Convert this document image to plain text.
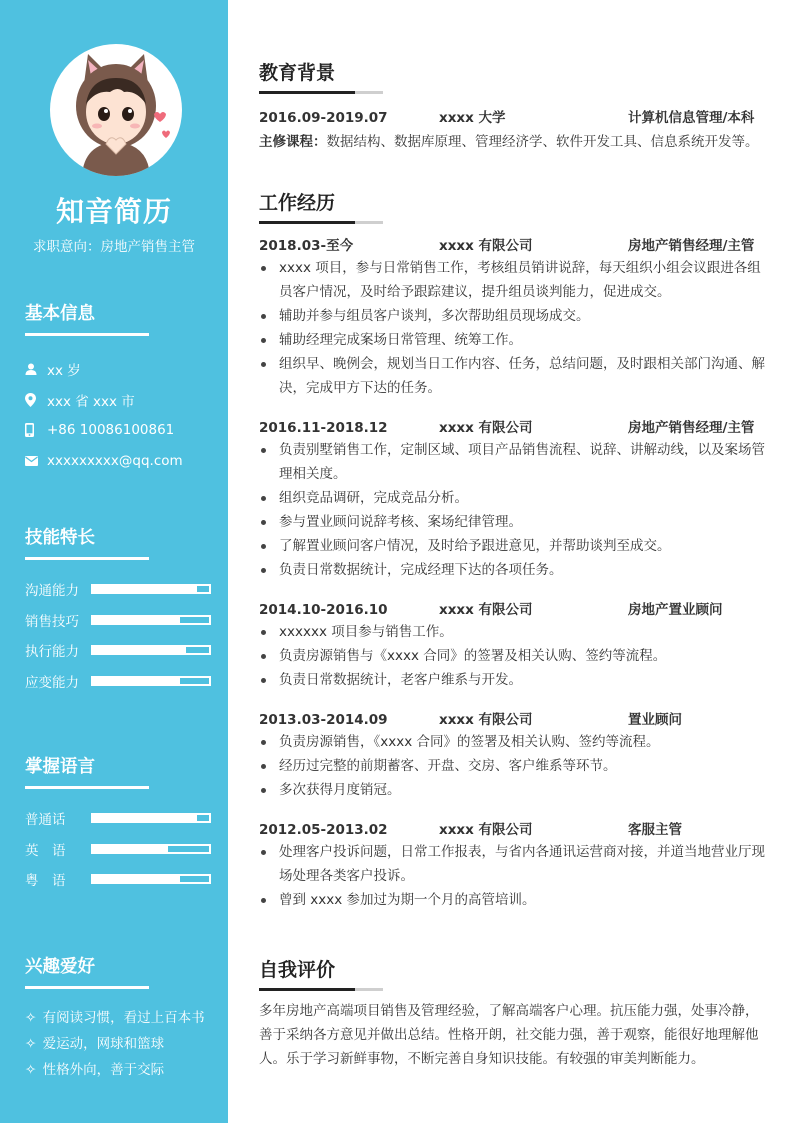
知音简历
求职意向：房地产销售主管
基本信息
xx 岁
xxx 省 xxx 市
+86 10086100861
xxxxxxxxx@qq.com
技能特长
沟通能力
销售技巧
执行能力
应变能力
掌握语言
普通话
英　语
粤　语
兴趣爱好
✧ 有阅读习惯，看过上百本书
✧ 爱运动，网球和篮球
✧ 性格外向，善于交际
教育背景
2016.09-2019.07	xxxx 大学	计算机信息管理/本科
主修课程：数据结构、数据库原理、管理经济学、软件开发工具、信息系统开发等。
工作经历
2018.03-至今	xxxx 有限公司	房地产销售经理/主管
xxxx 项目，参与日常销售工作，考核组员销讲说辞，每天组织小组会议跟进各组员客户情况，及时给予跟踪建议，提升组员谈判能力，促进成交。
辅助并参与组员客户谈判，多次帮助组员现场成交。
辅助经理完成案场日常管理、统筹工作。
组织早、晚例会，规划当日工作内容、任务，总结问题，及时跟相关部门沟通、解决，完成甲方下达的任务。
2016.11-2018.12	xxxx 有限公司	房地产销售经理/主管
负责别墅销售工作，定制区域、项目产品销售流程、说辞、讲解动线，以及案场管理相关度。
组织竞品调研，完成竞品分析。
参与置业顾问说辞考核、案场纪律管理。
了解置业顾问客户情况，及时给予跟进意见，并帮助谈判至成交。
负责日常数据统计，完成经理下达的各项任务。
2014.10-2016.10	xxxx 有限公司	房地产置业顾问
xxxxxx 项目参与销售工作。
负责房源销售与《xxxx 合同》的签署及相关认购、签约等流程。
负责日常数据统计，老客户维系与开发。
2013.03-2014.09	xxxx 有限公司	置业顾问
负责房源销售，《xxxx 合同》的签署及相关认购、签约等流程。
经历过完整的前期蓄客、开盘、交房、客户维系等环节。
多次获得月度销冠。
2012.05-2013.02	xxxx 有限公司	客服主管
处理客户投诉问题，日常工作报表，与省内各通讯运营商对接，并道当地营业厅现场处理各类客户投诉。
曾到 xxxx 参加过为期一个月的高管培训。
自我评价
多年房地产高端项目销售及管理经验，了解高端客户心理。抗压能力强，处事冷静，善于采纳各方意见并做出总结。性格开朗，社交能力强，善于观察，能很好地理解他人。乐于学习新鲜事物，不断完善自身知识技能。有较强的审美判断能力。
